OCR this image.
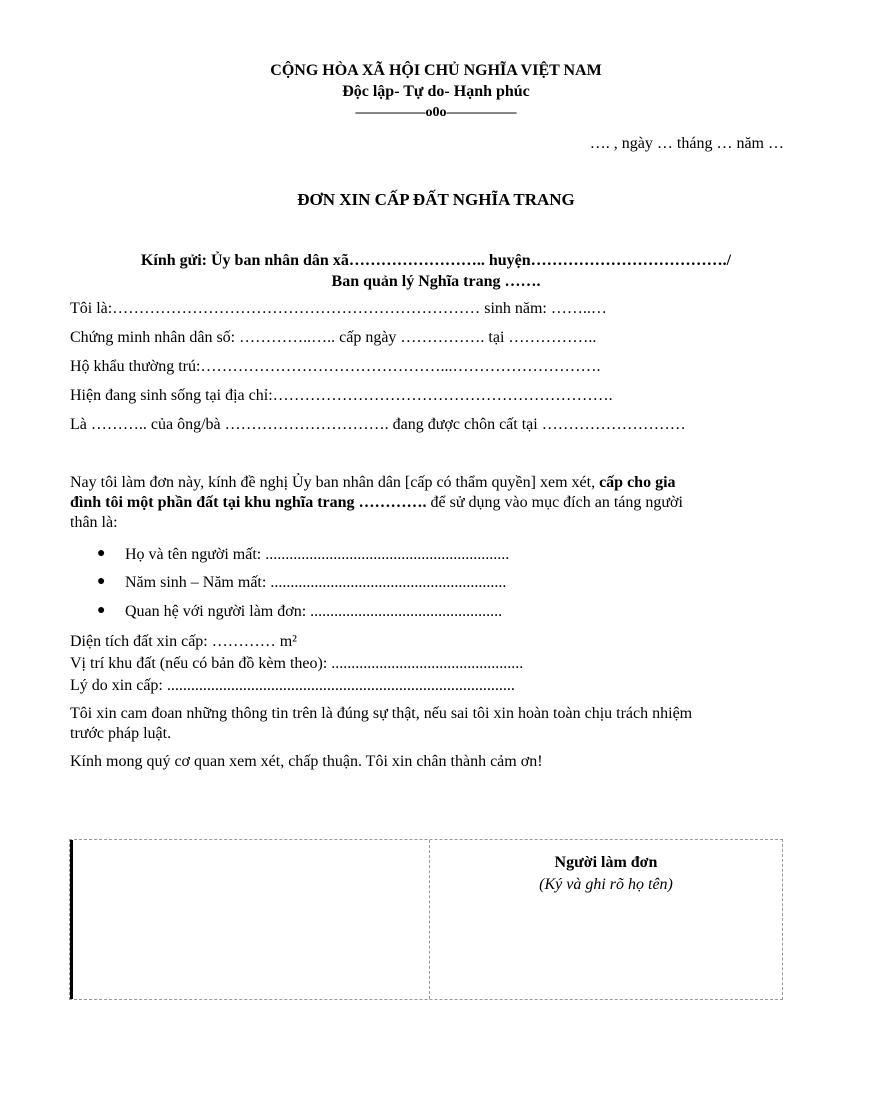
CỘNG HÒA XÃ HỘI CHỦ NGHĨA VIỆT NAM
Độc lập- Tự do- Hạnh phúc
—————o0o—————
…. , ngày … tháng … năm …
ĐƠN XIN CẤP ĐẤT NGHĨA TRANG
Kính gửi: Ủy ban nhân dân xã…………………….. huyện………………………………./
Ban quản lý Nghĩa trang …….
Tôi là:…………………………………………………………… sinh năm: ……..…
Chứng minh nhân dân số: …………..….. cấp ngày ……………. tại ……………..
Hộ khẩu thường trú:………………………………………...……………………….
Hiện đang sinh sống tại địa chỉ:……………………………………………………….
Là ……….. của ông/bà …………………………. đang được chôn cất tại ………………………
Nay tôi làm đơn này, kính đề nghị Ủy ban nhân dân [cấp có thẩm quyền] xem xét, cấp cho gia
đình tôi một phần đất tại khu nghĩa trang …………. để sử dụng vào mục đích an táng người
thân là:
● Họ và tên người mất: .............................................................
● Năm sinh – Năm mất: ...........................................................
● Quan hệ với người làm đơn: ................................................
Diện tích đất xin cấp: ………… m²
Vị trí khu đất (nếu có bản đồ kèm theo): ................................................
Lý do xin cấp: .......................................................................................
Tôi xin cam đoan những thông tin trên là đúng sự thật, nếu sai tôi xin hoàn toàn chịu trách nhiệm
trước pháp luật.
Kính mong quý cơ quan xem xét, chấp thuận. Tôi xin chân thành cảm ơn!
Người làm đơn
(Ký và ghi rõ họ tên)
